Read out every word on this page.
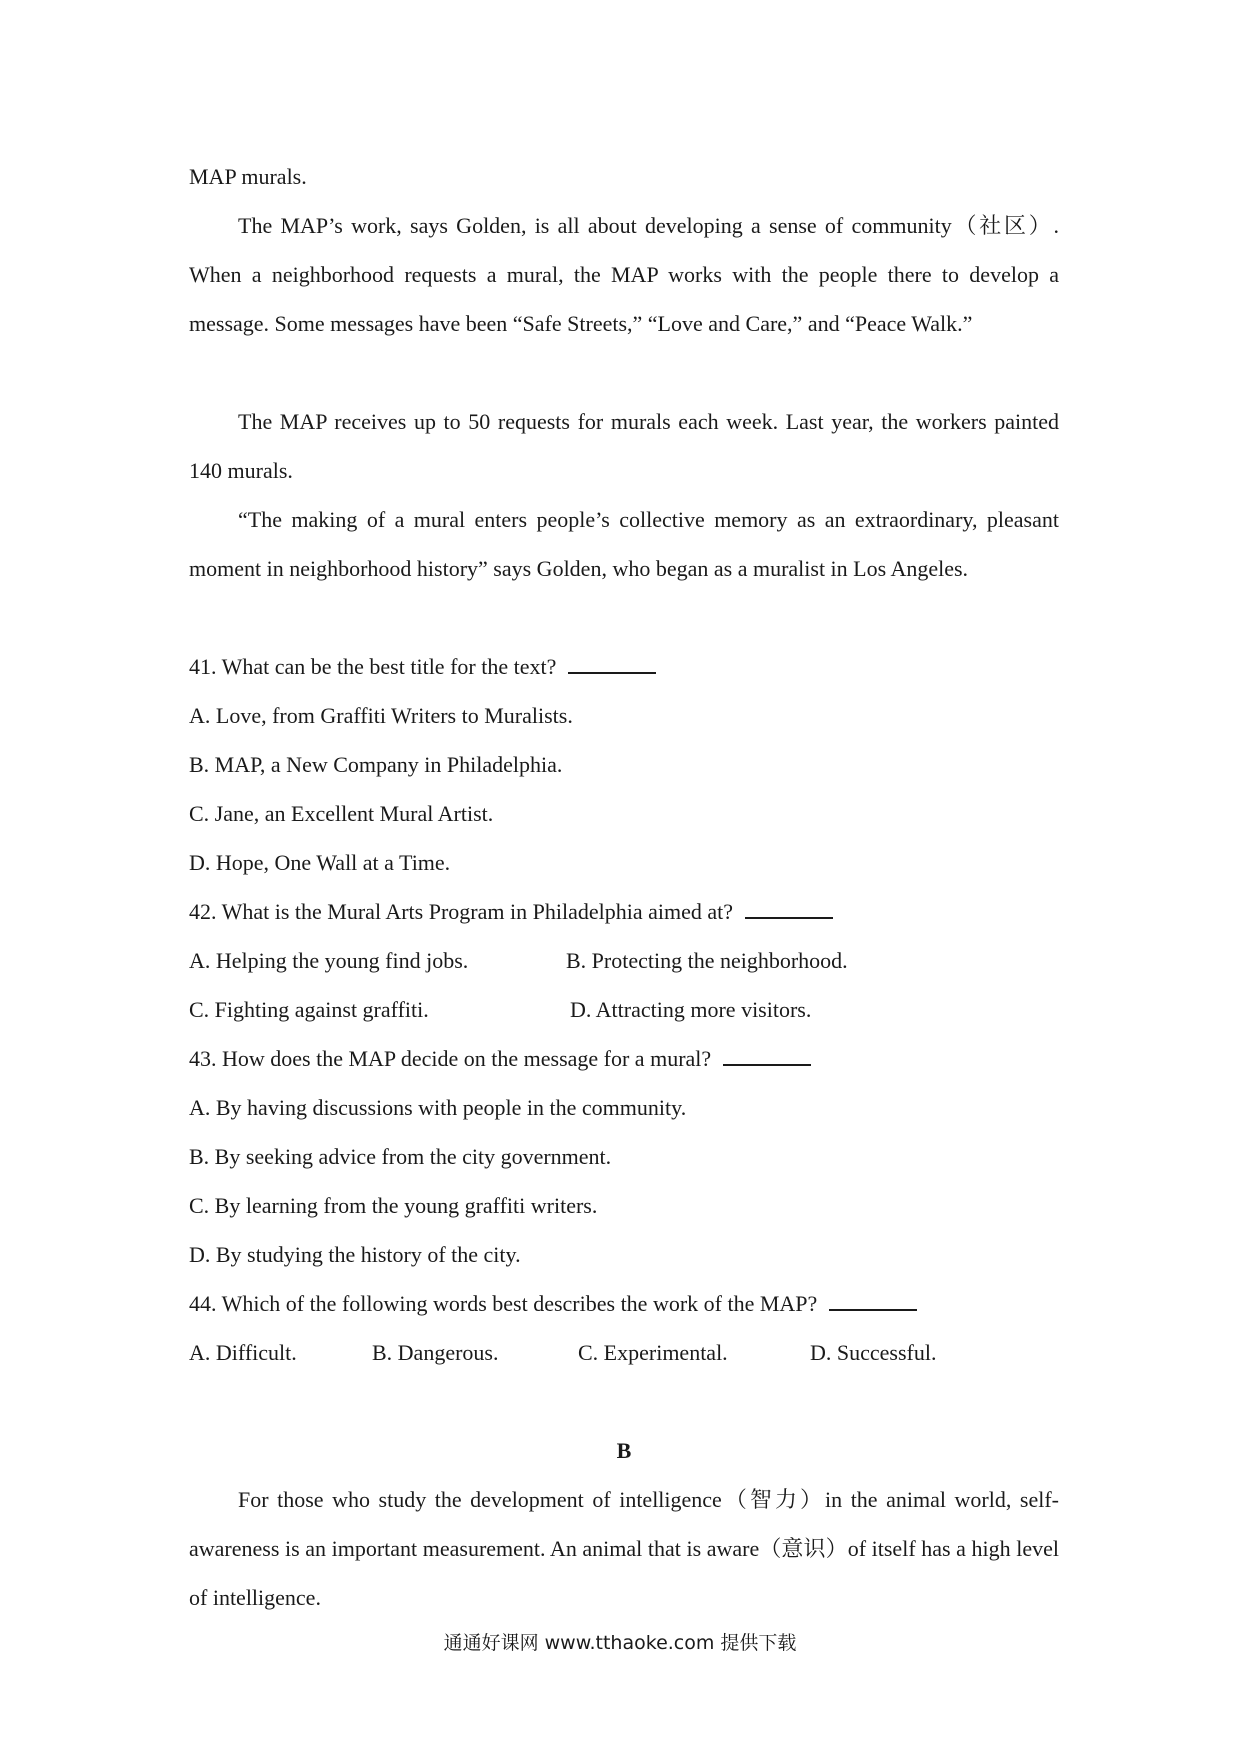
MAP murals.

The MAP’s work, says Golden, is all about developing a sense of community（社区）. When a neighborhood requests a mural, the MAP works with the people there to develop a message. Some messages have been “Safe Streets,” “Love and Care,” and “Peace Walk.”

The MAP receives up to 50 requests for murals each week. Last year, the workers painted 140 murals.

“The making of a mural enters people’s collective memory as an extraordinary, pleasant moment in neighborhood history” says Golden, who began as a muralist in Los Angeles.

41. What can be the best title for the text?
A. Love, from Graffiti Writers to Muralists.
B. MAP, a New Company in Philadelphia.
C. Jane, an Excellent Mural Artist.
D. Hope, One Wall at a Time.
42. What is the Mural Arts Program in Philadelphia aimed at?
A. Helping the young find jobs.	B. Protecting the neighborhood.
C. Fighting against graffiti.	D. Attracting more visitors.
43. How does the MAP decide on the message for a mural?
A. By having discussions with people in the community.
B. By seeking advice from the city government.
C. By learning from the young graffiti writers.
D. By studying the history of the city.
44. Which of the following words best describes the work of the MAP?
A. Difficult.	B. Dangerous.	C. Experimental.	D. Successful.
B

For those who study the development of intelligence（智力）in the animal world, self-awareness is an important measurement. An animal that is aware（意识）of itself has a high level of intelligence.

通通好课网 www.tthaoke.com 提供下载
